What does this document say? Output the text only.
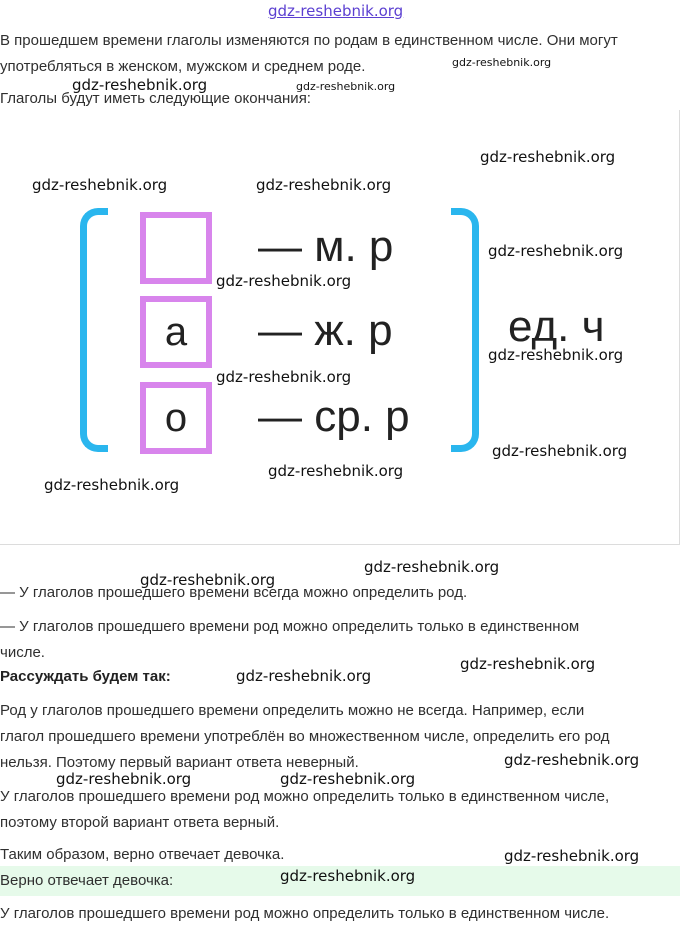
gdz-reshebnik.org
В прошедшем времени глаголы изменяются по родам в единственном числе. Они могут
употребляться в женском, мужском и среднем роде.
Глаголы будут иметь следующие окончания:
gdz-reshebnik.org
gdz-reshebnik.org
gdz-reshebnik.org
а
о
— м. р
— ж. р
— ср. р
ед. ч
gdz-reshebnik.org
gdz-reshebnik.org	gdz-reshebnik.org
gdz-reshebnik.org
gdz-reshebnik.org
gdz-reshebnik.org
gdz-reshebnik.org
gdz-reshebnik.org
gdz-reshebnik.org
gdz-reshebnik.org
gdz-reshebnik.org
gdz-reshebnik.org
— У глаголов прошедшего времени всегда можно определить род.
— У глаголов прошедшего времени род можно определить только в единственном
числе.
gdz-reshebnik.org
Рассуждать будем так:	gdz-reshebnik.org
Род у глаголов прошедшего времени определить можно не всегда. Например, если
глагол прошедшего времени употреблён во множественном числе, определить его род
нельзя. Поэтому первый вариант ответа неверный.	gdz-reshebnik.org
gdz-reshebnik.org	gdz-reshebnik.org
У глаголов прошедшего времени род можно определить только в единственном числе,
поэтому второй вариант ответа верный.
Таким образом, верно отвечает девочка.	gdz-reshebnik.org
Верно отвечает девочка:	gdz-reshebnik.org
У глаголов прошедшего времени род можно определить только в единственном числе.
